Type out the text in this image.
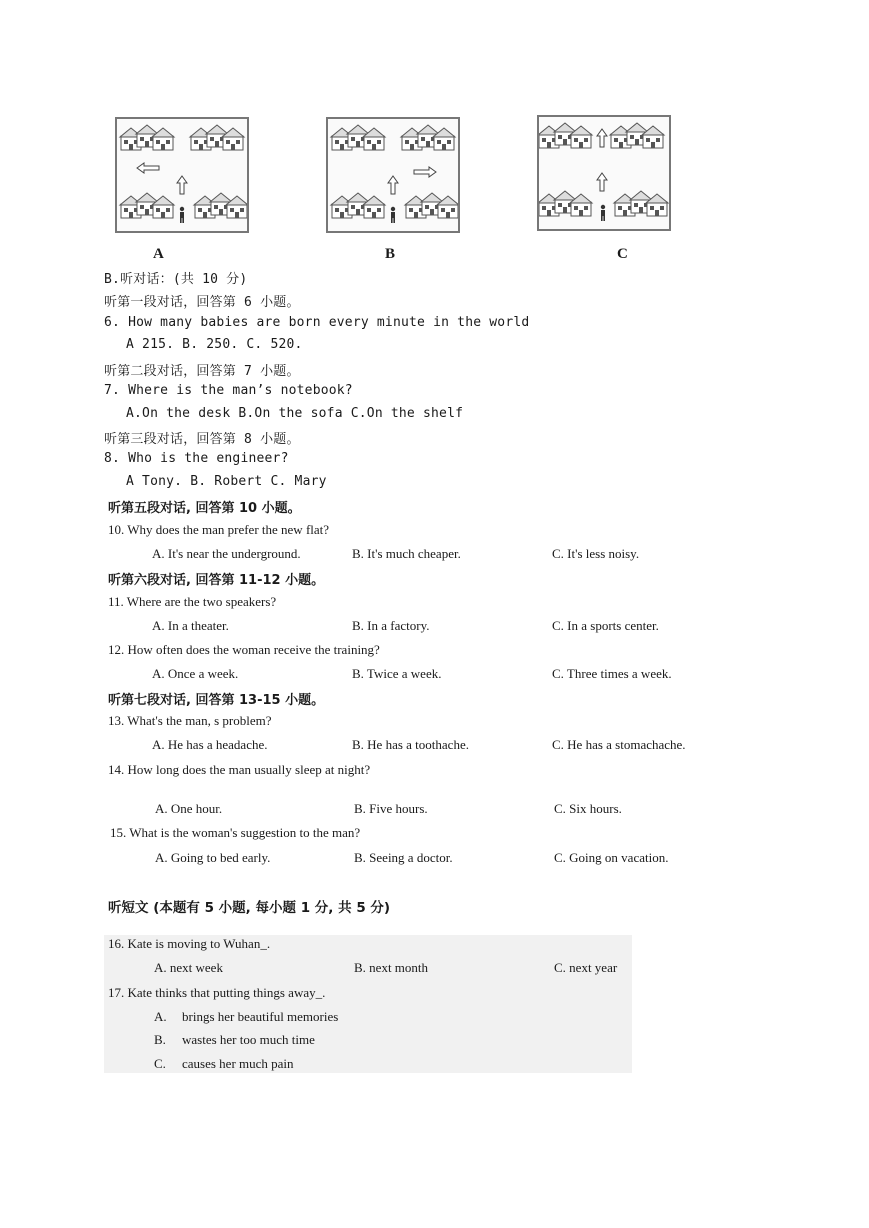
A	B	C
B.听对话：(共 10 分)
听第一段对话，回答第 6 小题。
6. How many babies are born every minute in the world
A 215. B. 250. C. 520.
听第二段对话，回答第 7 小题。
7. Where is the man’s notebook?
A.On the desk B.On the sofa C.On the shelf
听第三段对话，回答第 8 小题。
8. Who is the engineer?
A Tony. B. Robert C. Mary
听第五段对话, 回答第 10 小题。
10. Why does the man prefer the new flat?
A. It's near the underground.	B. It's much cheaper.	C. It's less noisy.
听第六段对话, 回答第 11-12 小题。
11. Where are the two speakers?
A. In a theater.	B. In a factory.	C. In a sports center.
12. How often does the woman receive the training?
A. Once a week.	B. Twice a week.	C. Three times a week.
听第七段对话, 回答第 13-15 小题。
13. What's the man, s problem?
A. He has a headache.	B. He has a toothache.	C. He has a stomachache.
14. How long does the man usually sleep at night?
A. One hour.	B. Five hours.	C. Six hours.
15. What is the woman's suggestion to the man?
A. Going to bed early.	B. Seeing a doctor.	C. Going on vacation.
听短文 (本题有 5 小题, 每小题 1 分, 共 5 分)
16. Kate is moving to Wuhan_.
A. next week	B. next month	C. next year
17. Kate thinks that putting things away_.
A. brings her beautiful memories
B. wastes her too much time
C. causes her much pain
